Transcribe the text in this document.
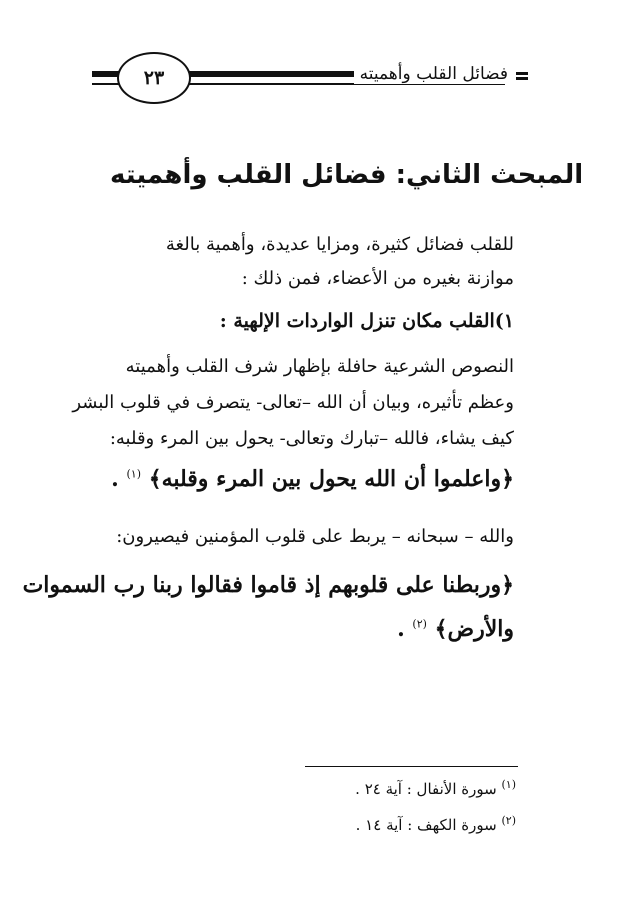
فضائل القلب وأهميته
٢٣
المبحث الثاني: فضائل القلب وأهميته
للقلب فضائل كثيرة، ومزايا عديدة، وأهمية بالغة
موازنة بغيره من الأعضاء، فمن ذلك :
١)القلب مكان تنزل الواردات الإلهية :
النصوص الشرعية حافلة بإظهار شرف القلب وأهميته
وعظم تأثيره، وبيان أن الله –تعالى- يتصرف في قلوب البشر
كيف يشاء، فالله –تبارك وتعالى- يحول بين المرء وقلبه:
﴿واعلموا أن الله يحول بين المرء وقلبه﴾ $^{(١)}$ .
والله – سبحانه – يربط على قلوب المؤمنين فيصيرون:
﴿وربطنا على قلوبهم إذ قاموا فقالوا ربنا رب السموات
والأرض﴾ $^{(٢)}$ .
$^{(١)}$ سورة الأنفال : آية ٢٤ .
$^{(٢)}$ سورة الكهف : آية ١٤ .
